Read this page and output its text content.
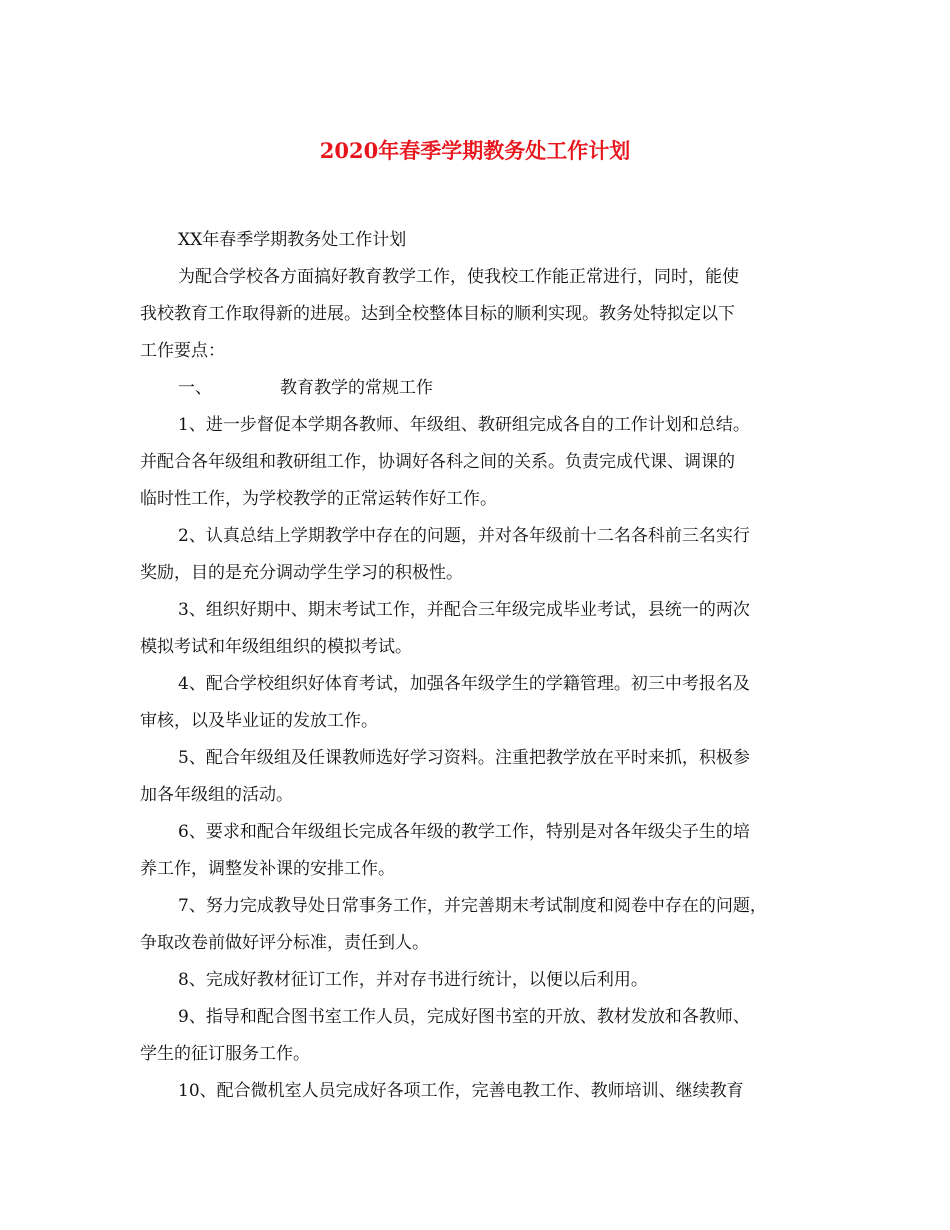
2020年春季学期教务处工作计划
XX年春季学期教务处工作计划
为配合学校各方面搞好教育教学工作，使我校工作能正常进行，同时，能使
我校教育工作取得新的进展。达到全校整体目标的顺利实现。教务处特拟定以下
工作要点：
一、	教育教学的常规工作
1、进一步督促本学期各教师、年级组、教研组完成各自的工作计划和总结。
并配合各年级组和教研组工作，协调好各科之间的关系。负责完成代课、调课的
临时性工作，为学校教学的正常运转作好工作。
2、认真总结上学期教学中存在的问题，并对各年级前十二名各科前三名实行
奖励，目的是充分调动学生学习的积极性。
3、组织好期中、期末考试工作，并配合三年级完成毕业考试，县统一的两次
模拟考试和年级组组织的模拟考试。
4、配合学校组织好体育考试，加强各年级学生的学籍管理。初三中考报名及
审核，以及毕业证的发放工作。
5、配合年级组及任课教师选好学习资料。注重把教学放在平时来抓，积极参
加各年级组的活动。
6、要求和配合年级组长完成各年级的教学工作，特别是对各年级尖子生的培
养工作，调整发补课的安排工作。
7、努力完成教导处日常事务工作，并完善期末考试制度和阅卷中存在的问题，
争取改卷前做好评分标准，责任到人。
8、完成好教材征订工作，并对存书进行统计，以便以后利用。
9、指导和配合图书室工作人员，完成好图书室的开放、教材发放和各教师、
学生的征订服务工作。
10、配合微机室人员完成好各项工作，完善电教工作、教师培训、继续教育
